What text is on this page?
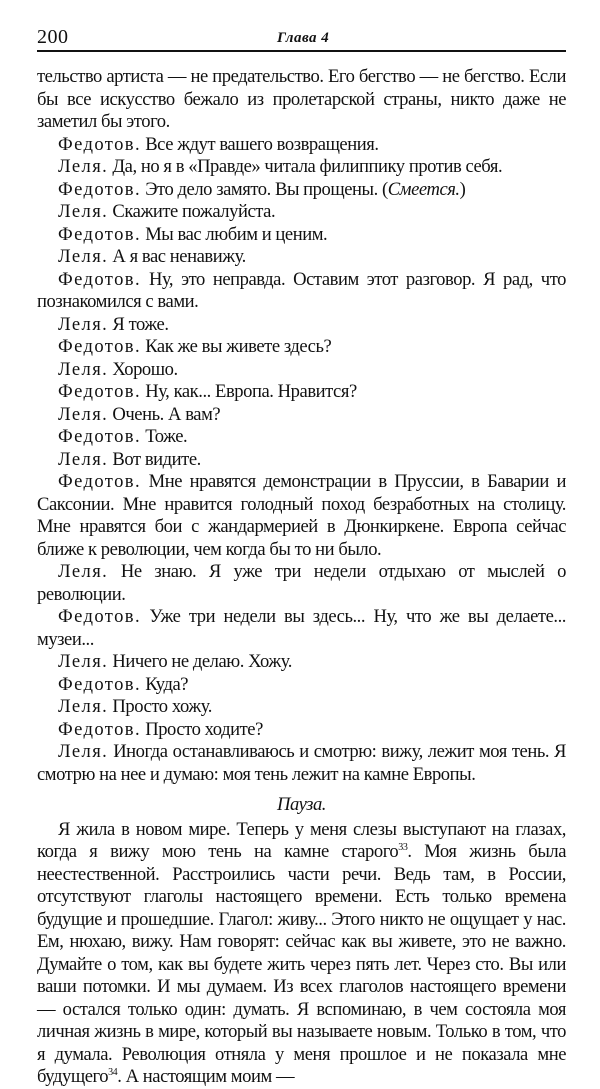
200	Глава 4

тельство артиста — не предательство. Его бегство — не бегство. Если бы все искусство бежало из пролетарской страны, никто даже не заметил бы этого.

Федотов. Все ждут вашего возвращения.

Леля. Да, но я в «Правде» читала филиппику против себя.

Федотов. Это дело замято. Вы прощены. (Смеется.)

Леля. Скажите пожалуйста.

Федотов. Мы вас любим и ценим.

Леля. А я вас ненавижу.

Федотов. Ну, это неправда. Оставим этот разговор. Я рад, что познакомился с вами.

Леля. Я тоже.

Федотов. Как же вы живете здесь?

Леля. Хорошо.

Федотов. Ну, как... Европа. Нравится?

Леля. Очень. А вам?

Федотов. Тоже.

Леля. Вот видите.

Федотов. Мне нравятся демонстрации в Пруссии, в Баварии и Саксонии. Мне нравится голодный поход безработных на столицу. Мне нравятся бои с жандармерией в Дюнкиркене. Европа сейчас ближе к революции, чем когда бы то ни было.

Леля. Не знаю. Я уже три недели отдыхаю от мыслей о революции.

Федотов. Уже три недели вы здесь... Ну, что же вы делаете... музеи...

Леля. Ничего не делаю. Хожу.

Федотов. Куда?

Леля. Просто хожу.

Федотов. Просто ходите?

Леля. Иногда останавливаюсь и смотрю: вижу, лежит моя тень. Я смотрю на нее и думаю: моя тень лежит на камне Европы.

Пауза.

Я жила в новом мире. Теперь у меня слезы выступают на глазах, когда я вижу мою тень на камне старого$^{33}$. Моя жизнь была неестественной. Расстроились части речи. Ведь там, в России, отсутствуют глаголы настоящего времени. Есть только времена будущие и прошедшие. Глагол: живу... Этого никто не ощущает у нас. Ем, нюхаю, вижу. Нам говорят: сейчас как вы живете, это не важно. Думайте о том, как вы будете жить через пять лет. Через сто. Вы или ваши потомки. И мы думаем. Из всех глаголов настоящего времени — остался только один: думать. Я вспоминаю, в чем состояла моя личная жизнь в мире, который вы называете новым. Только в том, что я думала. Революция отняла у меня прошлое и не показала мне будущего$^{34}$. А настоящим моим —
